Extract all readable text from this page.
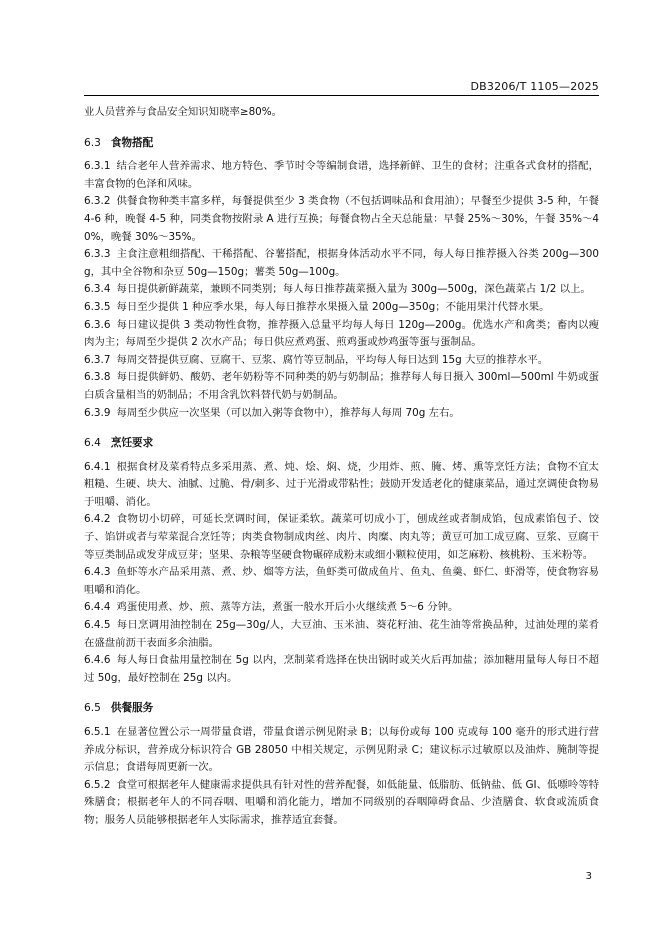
DB3206/T 1105—2025

业人员营养与食品安全知识知晓率≥80%。

6.3 食物搭配

6.3.1 结合老年人营养需求、地方特色、季节时令等编制食谱，选择新鲜、卫生的食材；注重各式食材的搭配，丰富食物的色泽和风味。

6.3.2 供餐食物种类丰富多样，每餐提供至少 3 类食物（不包括调味品和食用油）；早餐至少提供 3-5 种，午餐 4-6 种，晚餐 4-5 种，同类食物按附录 A 进行互换；每餐食物占全天总能量：早餐 25%～30%，午餐 35%～40%，晚餐 30%～35%。

6.3.3 主食注意粗细搭配、干稀搭配、谷薯搭配，根据身体活动水平不同，每人每日推荐摄入谷类 200g—300g，其中全谷物和杂豆 50g—150g；薯类 50g—100g。

6.3.4 每日提供新鲜蔬菜，兼顾不同类别；每人每日推荐蔬菜摄入量为 300g—500g，深色蔬菜占 1/2 以上。

6.3.5 每日至少提供 1 种应季水果，每人每日推荐水果摄入量 200g—350g；不能用果汁代替水果。

6.3.6 每日建议提供 3 类动物性食物，推荐摄入总量平均每人每日 120g—200g。优选水产和禽类；畜肉以瘦肉为主；每周至少提供 2 次水产品；每日供应煮鸡蛋、煎鸡蛋或炒鸡蛋等蛋与蛋制品。

6.3.7 每周交替提供豆腐、豆腐干、豆浆、腐竹等豆制品，平均每人每日达到 15g 大豆的推荐水平。

6.3.8 每日提供鲜奶、酸奶、老年奶粉等不同种类的奶与奶制品；推荐每人每日摄入 300ml—500ml 牛奶或蛋白质含量相当的奶制品；不用含乳饮料替代奶与奶制品。

6.3.9 每周至少供应一次坚果（可以加入粥等食物中），推荐每人每周 70g 左右。

6.4 烹饪要求

6.4.1 根据食材及菜肴特点多采用蒸、煮、炖、烩、焖、烧，少用炸、煎、腌、烤、熏等烹饪方法；食物不宜太粗糙、生硬、块大、油腻、过脆、骨/刺多、过于光滑或带粘性；鼓励开发适老化的健康菜品，通过烹调使食物易于咀嚼、消化。

6.4.2 食物切小切碎，可延长烹调时间，保证柔软。蔬菜可切成小丁，刨成丝或者制成馅，包成素馅包子、饺子、馅饼或者与荤菜混合烹饪等；肉类食物制成肉丝、肉片、肉糜、肉丸等；黄豆可加工成豆腐、豆浆、豆腐干等豆类制品或发芽成豆芽；坚果、杂粮等坚硬食物碾碎成粉末或细小颗粒使用，如芝麻粉、核桃粉、玉米粉等。

6.4.3 鱼虾等水产品采用蒸、煮、炒、熘等方法，鱼虾类可做成鱼片、鱼丸、鱼羹、虾仁、虾滑等，使食物容易咀嚼和消化。

6.4.4 鸡蛋使用煮、炒、煎、蒸等方法，煮蛋一般水开后小火继续煮 5～6 分钟。

6.4.5 每日烹调用油控制在 25g—30g/人，大豆油、玉米油、葵花籽油、花生油等常换品种，过油处理的菜肴在盛盘前沥干表面多余油脂。

6.4.6 每人每日食盐用量控制在 5g 以内，烹制菜肴选择在快出锅时或关火后再加盐；添加糖用量每人每日不超过 50g，最好控制在 25g 以内。

6.5 供餐服务

6.5.1 在显著位置公示一周带量食谱，带量食谱示例见附录 B；以每份或每 100 克或每 100 毫升的形式进行营养成分标识，营养成分标识符合 GB 28050 中相关规定，示例见附录 C；建议标示过敏原以及油炸、腌制等提示信息；食谱每周更新一次。

6.5.2 食堂可根据老年人健康需求提供具有针对性的营养配餐，如低能量、低脂肪、低钠盐、低 GI、低嘌呤等特殊膳食；根据老年人的不同吞咽、咀嚼和消化能力，增加不同级别的吞咽障碍食品、少渣膳食、软食或流质食物；服务人员能够根据老年人实际需求，推荐适宜套餐。

3
